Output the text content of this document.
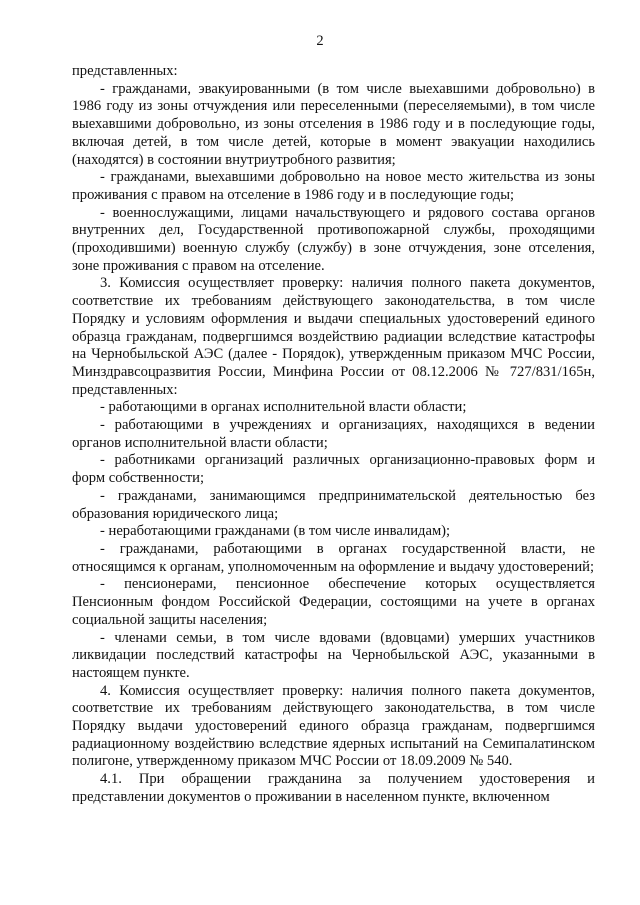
2

представленных:

- гражданами, эвакуированными (в том числе выехавшими добровольно) в 1986 году из зоны отчуждения или переселенными (переселяемыми), в том числе выехавшими добровольно, из зоны отселения в 1986 году и в последующие годы, включая детей, в том числе детей, которые в момент эвакуации находились (находятся) в состоянии внутриутробного развития;

- гражданами, выехавшими добровольно на новое место жительства из зоны проживания с правом на отселение в 1986 году и в последующие годы;

- военнослужащими, лицами начальствующего и рядового состава органов внутренних дел, Государственной противопожарной службы, проходящими (проходившими) военную службу (службу) в зоне отчуждения, зоне отселения, зоне проживания с правом на отселение.

3. Комиссия осуществляет проверку: наличия полного пакета документов, соответствие их требованиям действующего законодательства, в том числе Порядку и условиям оформления и выдачи специальных удостоверений единого образца гражданам, подвергшимся воздействию радиации вследствие катастрофы на Чернобыльской АЭС (далее - Порядок), утвержденным приказом МЧС России, Минздравсоцразвития России, Минфина России от 08.12.2006 № 727/831/165н, представленных:

- работающими в органах исполнительной власти области;

- работающими в учреждениях и организациях, находящихся в ведении органов исполнительной власти области;

- работниками организаций различных организационно-правовых форм и форм собственности;

- гражданами, занимающимся предпринимательской деятельностью без образования юридического лица;

- неработающими гражданами (в том числе инвалидам);

- гражданами, работающими в органах государственной власти, не относящимся к органам, уполномоченным на оформление и выдачу удостоверений;

- пенсионерами, пенсионное обеспечение которых осуществляется Пенсионным фондом Российской Федерации, состоящими на учете в органах социальной защиты населения;

- членами семьи, в том числе вдовами (вдовцами) умерших участников ликвидации последствий катастрофы на Чернобыльской АЭС, указанными в настоящем пункте.

4. Комиссия осуществляет проверку: наличия полного пакета документов, соответствие их требованиям действующего законодательства, в том числе Порядку выдачи удостоверений единого образца гражданам, подвергшимся радиационному воздействию вследствие ядерных испытаний на Семипалатинском полигоне, утвержденному приказом МЧС России от 18.09.2009 № 540.

4.1. При обращении гражданина за получением удостоверения и представлении документов о проживании в населенном пункте, включенном
